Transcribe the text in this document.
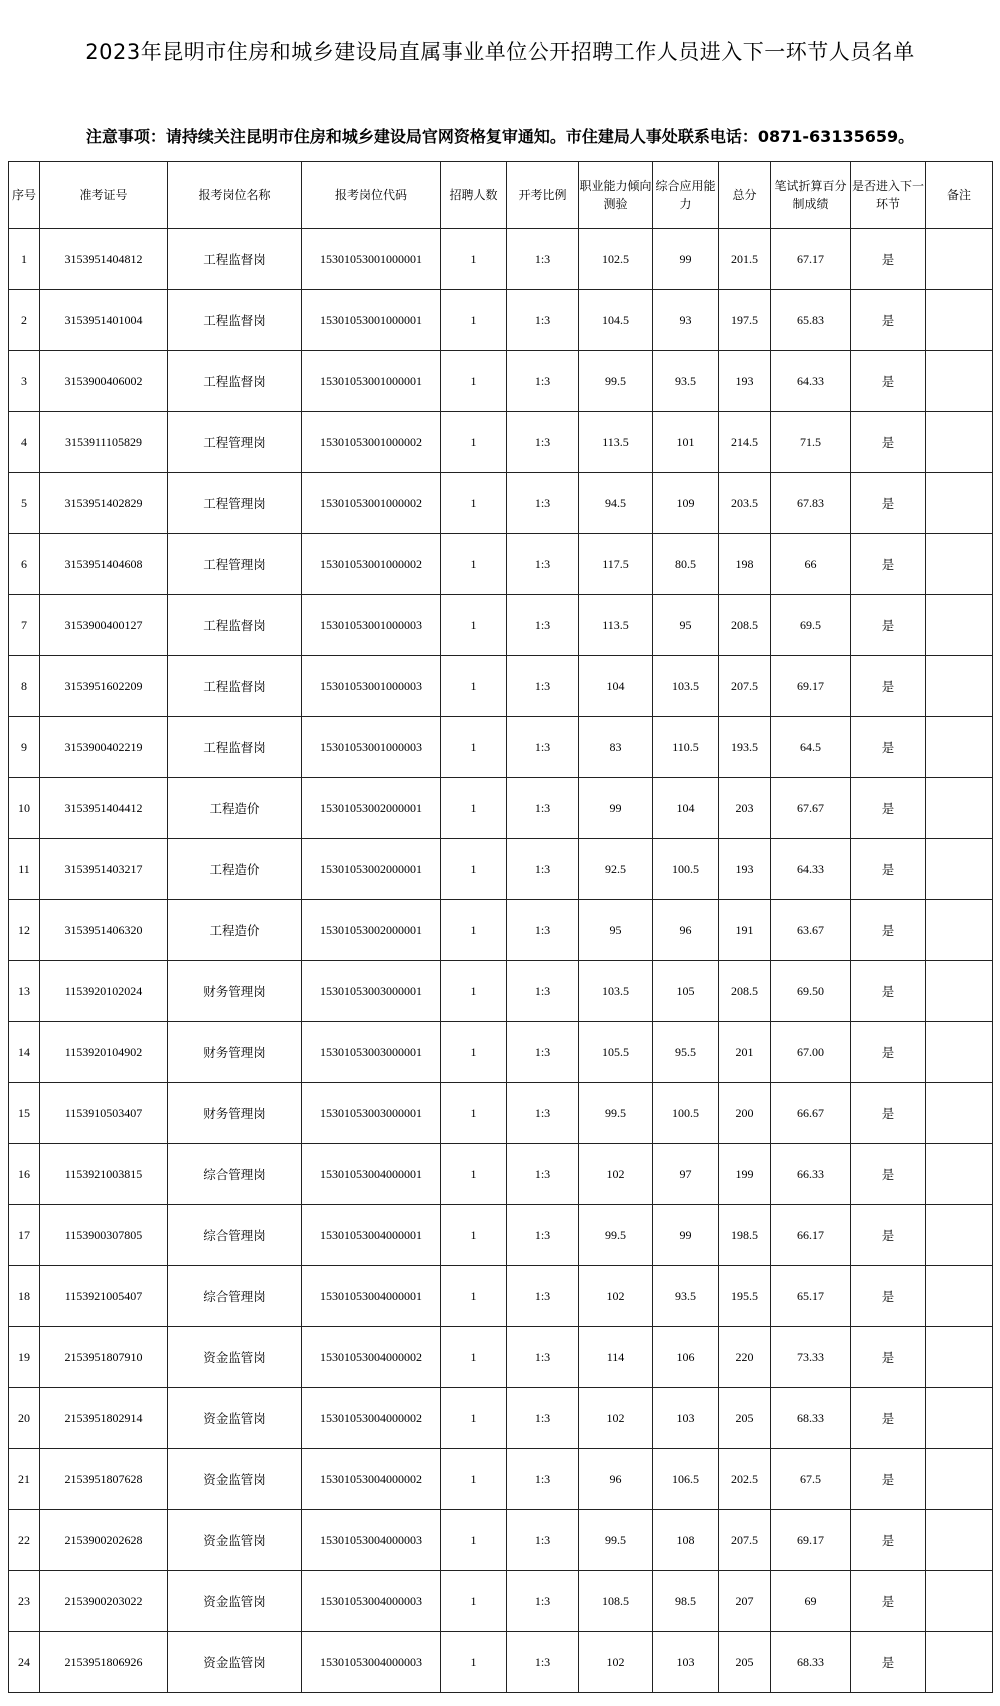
2023年昆明市住房和城乡建设局直属事业单位公开招聘工作人员进入下一环节人员名单
注意事项：请持续关注昆明市住房和城乡建设局官网资格复审通知。市住建局人事处联系电话：0871-63135659。
序号	准考证号	报考岗位名称	报考岗位代码	招聘人数	开考比例	职业能力倾向测验	综合应用能力	总分	笔试折算百分制成绩	是否进入下一环节	备注
1	3153951404812	工程监督岗	15301053001000001	1	1:3	102.5	99	201.5	67.17	是	
2	3153951401004	工程监督岗	15301053001000001	1	1:3	104.5	93	197.5	65.83	是	
3	3153900406002	工程监督岗	15301053001000001	1	1:3	99.5	93.5	193	64.33	是	
4	3153911105829	工程管理岗	15301053001000002	1	1:3	113.5	101	214.5	71.5	是	
5	3153951402829	工程管理岗	15301053001000002	1	1:3	94.5	109	203.5	67.83	是	
6	3153951404608	工程管理岗	15301053001000002	1	1:3	117.5	80.5	198	66	是	
7	3153900400127	工程监督岗	15301053001000003	1	1:3	113.5	95	208.5	69.5	是	
8	3153951602209	工程监督岗	15301053001000003	1	1:3	104	103.5	207.5	69.17	是	
9	3153900402219	工程监督岗	15301053001000003	1	1:3	83	110.5	193.5	64.5	是	
10	3153951404412	工程造价	15301053002000001	1	1:3	99	104	203	67.67	是	
11	3153951403217	工程造价	15301053002000001	1	1:3	92.5	100.5	193	64.33	是	
12	3153951406320	工程造价	15301053002000001	1	1:3	95	96	191	63.67	是	
13	1153920102024	财务管理岗	15301053003000001	1	1:3	103.5	105	208.5	69.50	是	
14	1153920104902	财务管理岗	15301053003000001	1	1:3	105.5	95.5	201	67.00	是	
15	1153910503407	财务管理岗	15301053003000001	1	1:3	99.5	100.5	200	66.67	是	
16	1153921003815	综合管理岗	15301053004000001	1	1:3	102	97	199	66.33	是	
17	1153900307805	综合管理岗	15301053004000001	1	1:3	99.5	99	198.5	66.17	是	
18	1153921005407	综合管理岗	15301053004000001	1	1:3	102	93.5	195.5	65.17	是	
19	2153951807910	资金监管岗	15301053004000002	1	1:3	114	106	220	73.33	是	
20	2153951802914	资金监管岗	15301053004000002	1	1:3	102	103	205	68.33	是	
21	2153951807628	资金监管岗	15301053004000002	1	1:3	96	106.5	202.5	67.5	是	
22	2153900202628	资金监管岗	15301053004000003	1	1:3	99.5	108	207.5	69.17	是	
23	2153900203022	资金监管岗	15301053004000003	1	1:3	108.5	98.5	207	69	是	
24	2153951806926	资金监管岗	15301053004000003	1	1:3	102	103	205	68.33	是	
